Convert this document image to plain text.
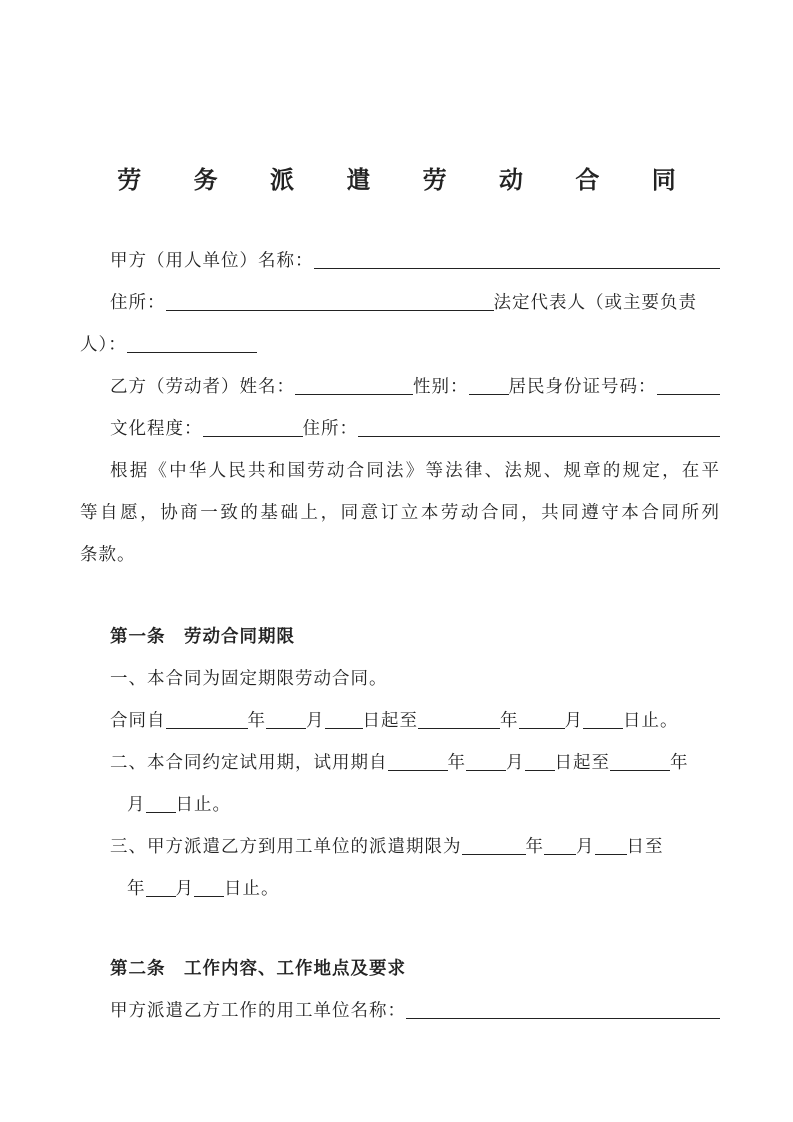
劳 务 派 遣 劳 动 合 同
甲方（用人单位）名称：
住所：	法定代表人（或主要负责
人）：
乙方（劳动者）姓名：	性别： 居民身份证号码：
文化程度：	住所：
根据《中华人民共和国劳动合同法》等法律、法规、规章的规定，在平
等自愿，协商一致的基础上，同意订立本劳动合同，共同遵守本合同所列
条款。
第一条　劳动合同期限
一、本合同为固定期限劳动合同。
合同自	年 月 日起至	年	月 日止。
二、本合同约定试用期，试用期自	年 月 日起至	年
月 日止。
三、甲方派遣乙方到用工单位的派遣期限为	年 月 日至
年 月 日止。
第二条　工作内容、工作地点及要求
甲方派遣乙方工作的用工单位名称：
